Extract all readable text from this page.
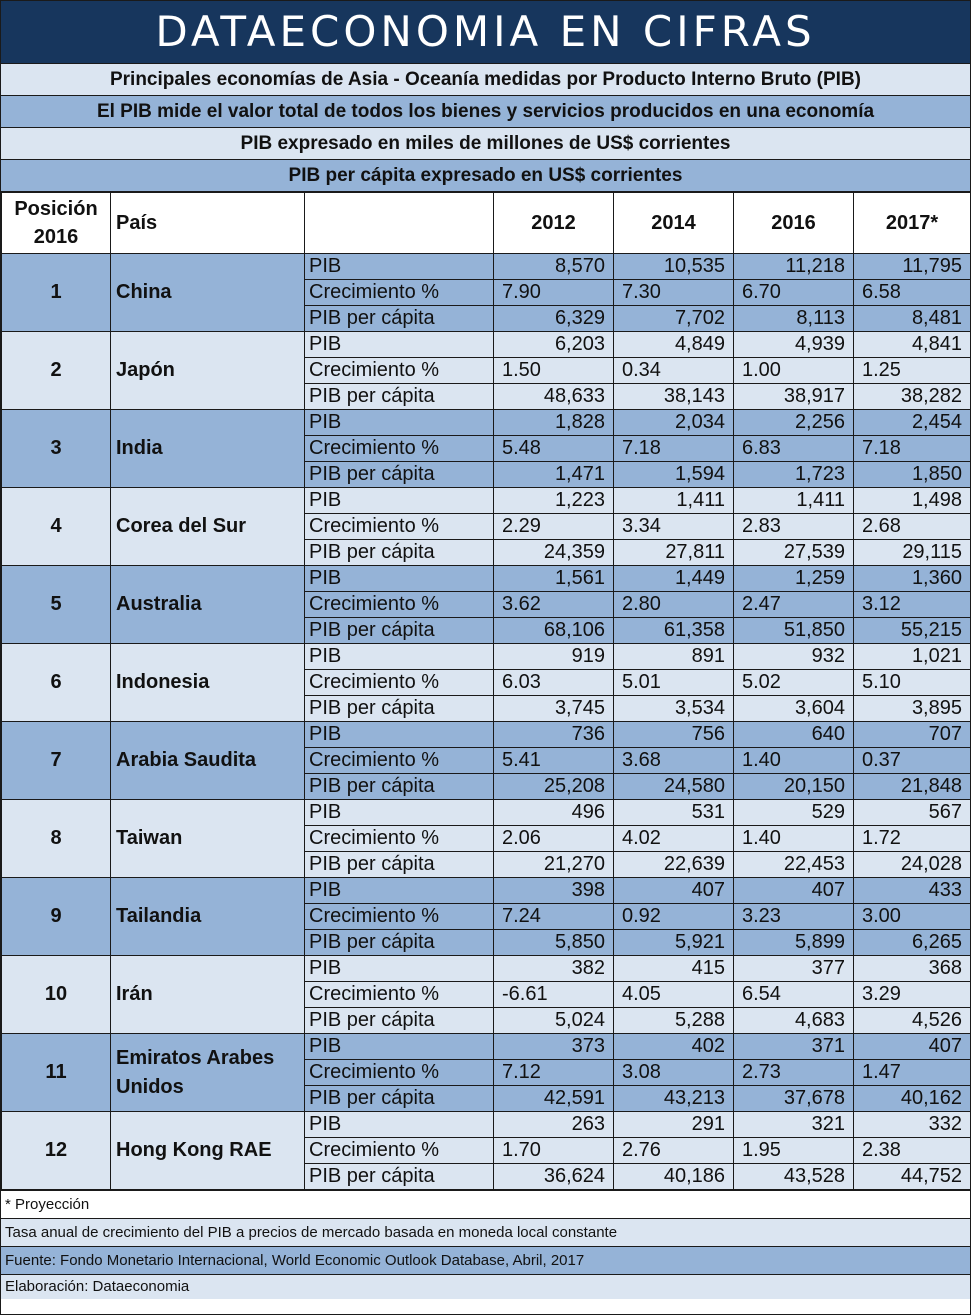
DATAECONOMIA EN CIFRAS
Principales economías de Asia - Oceanía medidas por Producto Interno Bruto (PIB)
El PIB mide el valor total de todos los bienes y servicios producidos en una economía
PIB expresado en miles de millones de US$ corrientes
PIB per cápita expresado en US$ corrientes
Posición 2016	País		2012	2014	2016	2017*
1	China	PIB	8,570	10,535	11,218	11,795
		Crecimiento %	7.90	7.30	6.70	6.58
		PIB per cápita	6,329	7,702	8,113	8,481
2	Japón	PIB	6,203	4,849	4,939	4,841
		Crecimiento %	1.50	0.34	1.00	1.25
		PIB per cápita	48,633	38,143	38,917	38,282
3	India	PIB	1,828	2,034	2,256	2,454
		Crecimiento %	5.48	7.18	6.83	7.18
		PIB per cápita	1,471	1,594	1,723	1,850
4	Corea del Sur	PIB	1,223	1,411	1,411	1,498
		Crecimiento %	2.29	3.34	2.83	2.68
		PIB per cápita	24,359	27,811	27,539	29,115
5	Australia	PIB	1,561	1,449	1,259	1,360
		Crecimiento %	3.62	2.80	2.47	3.12
		PIB per cápita	68,106	61,358	51,850	55,215
6	Indonesia	PIB	919	891	932	1,021
		Crecimiento %	6.03	5.01	5.02	5.10
		PIB per cápita	3,745	3,534	3,604	3,895
7	Arabia Saudita	PIB	736	756	640	707
		Crecimiento %	5.41	3.68	1.40	0.37
		PIB per cápita	25,208	24,580	20,150	21,848
8	Taiwan	PIB	496	531	529	567
		Crecimiento %	2.06	4.02	1.40	1.72
		PIB per cápita	21,270	22,639	22,453	24,028
9	Tailandia	PIB	398	407	407	433
		Crecimiento %	7.24	0.92	3.23	3.00
		PIB per cápita	5,850	5,921	5,899	6,265
10	Irán	PIB	382	415	377	368
		Crecimiento %	-6.61	4.05	6.54	3.29
		PIB per cápita	5,024	5,288	4,683	4,526
11	Emiratos Arabes Unidos	PIB	373	402	371	407
		Crecimiento %	7.12	3.08	2.73	1.47
		PIB per cápita	42,591	43,213	37,678	40,162
12	Hong Kong RAE	PIB	263	291	321	332
		Crecimiento %	1.70	2.76	1.95	2.38
		PIB per cápita	36,624	40,186	43,528	44,752
* Proyección
Tasa anual de crecimiento del PIB a precios de mercado basada en moneda local constante
Fuente: Fondo Monetario Internacional, World Economic Outlook Database, Abril, 2017
Elaboración: Dataeconomia
